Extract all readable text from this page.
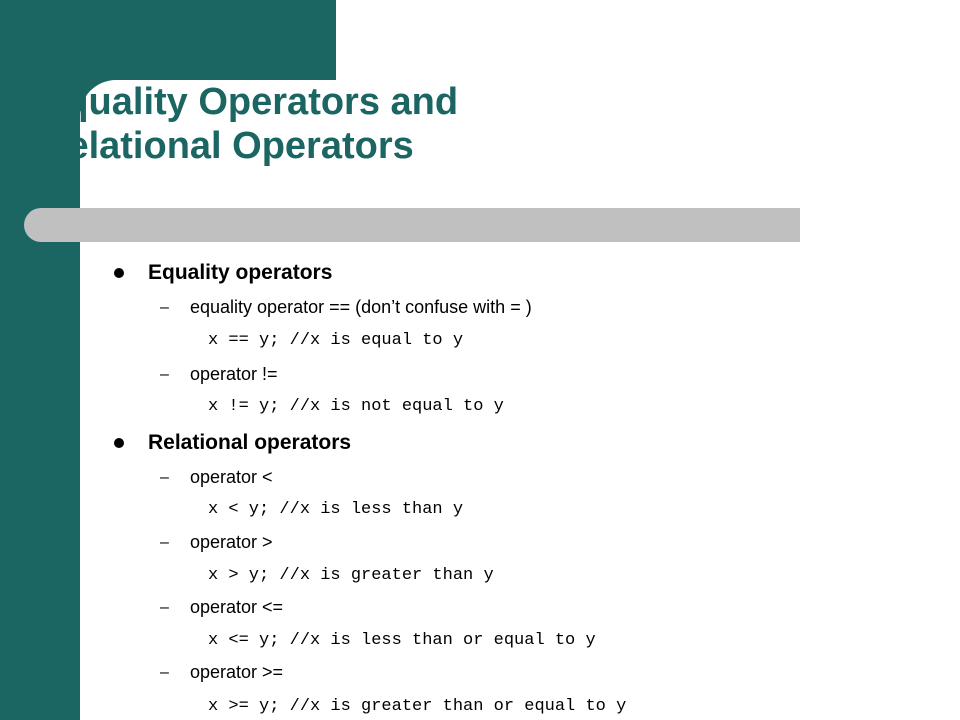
Equality Operators and
Relational Operators
Equality operators
–	equality operator == (don’t confuse with = )
x == y; //x is equal to y
–	operator !=
x != y; //x is not equal to y
Relational operators
–	operator <
x < y; //x is less than y
–	operator >
x > y; //x is greater than y
–	operator <=
x <= y; //x is less than or equal to y
–	operator >=
x >= y; //x is greater than or equal to y
